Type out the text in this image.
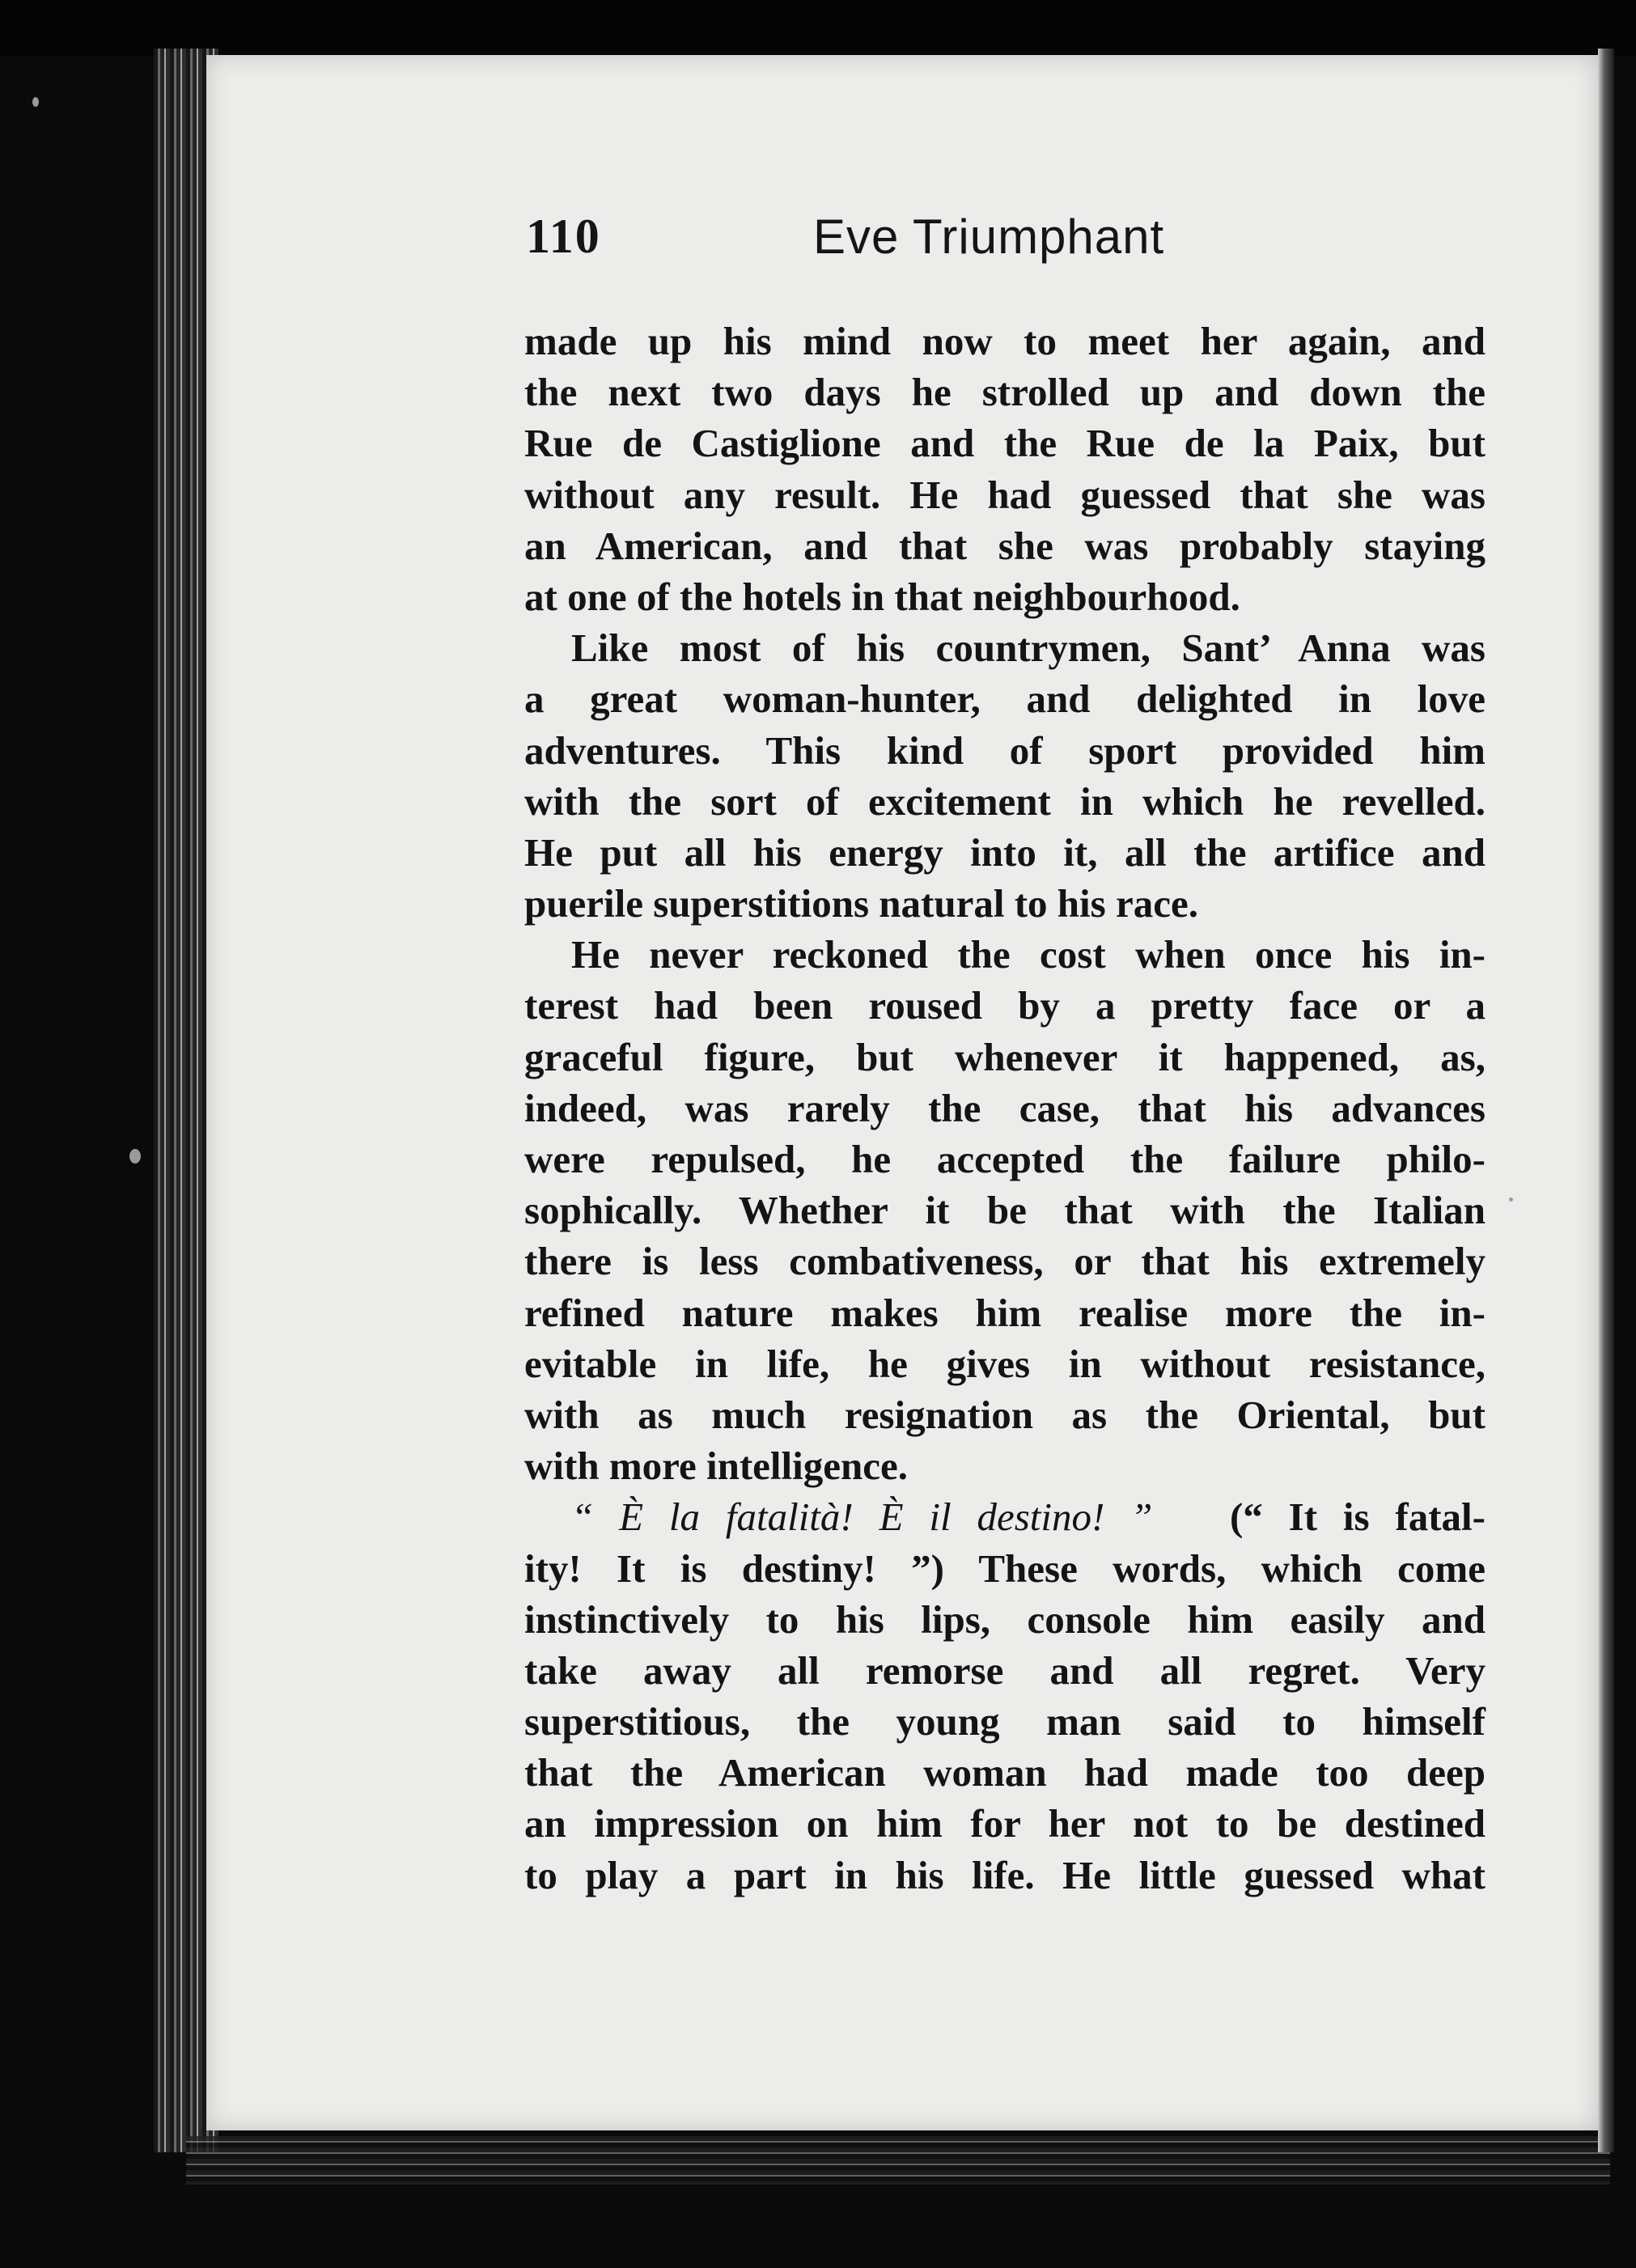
110	Eve Triumphant
made up his mind now to meet her again, and
the next two days he strolled up and down the
Rue de Castiglione and the Rue de la Paix, but
without any result. He had guessed that she was
an American, and that she was probably staying
at one of the hotels in that neighbourhood.
Like most of his countrymen, Sant’ Anna was
a great woman-hunter, and delighted in love
adventures. This kind of sport provided him
with the sort of excitement in which he revelled.
He put all his energy into it, all the artifice and
puerile superstitions natural to his race.
He never reckoned the cost when once his in-
terest had been roused by a pretty face or a
graceful figure, but whenever it happened, as,
indeed, was rarely the case, that his advances
were repulsed, he accepted the failure philo-
sophically. Whether it be that with the Italian
there is less combativeness, or that his extremely
refined nature makes him realise more the in-
evitable in life, he gives in without resistance,
with as much resignation as the Oriental, but
with more intelligence.
“ È la fatalità! È il destino! ” (“ It is fatal-
ity! It is destiny! ”) These words, which come
instinctively to his lips, console him easily and
take away all remorse and all regret. Very
superstitious, the young man said to himself
that the American woman had made too deep
an impression on him for her not to be destined
to play a part in his life. He little guessed what
